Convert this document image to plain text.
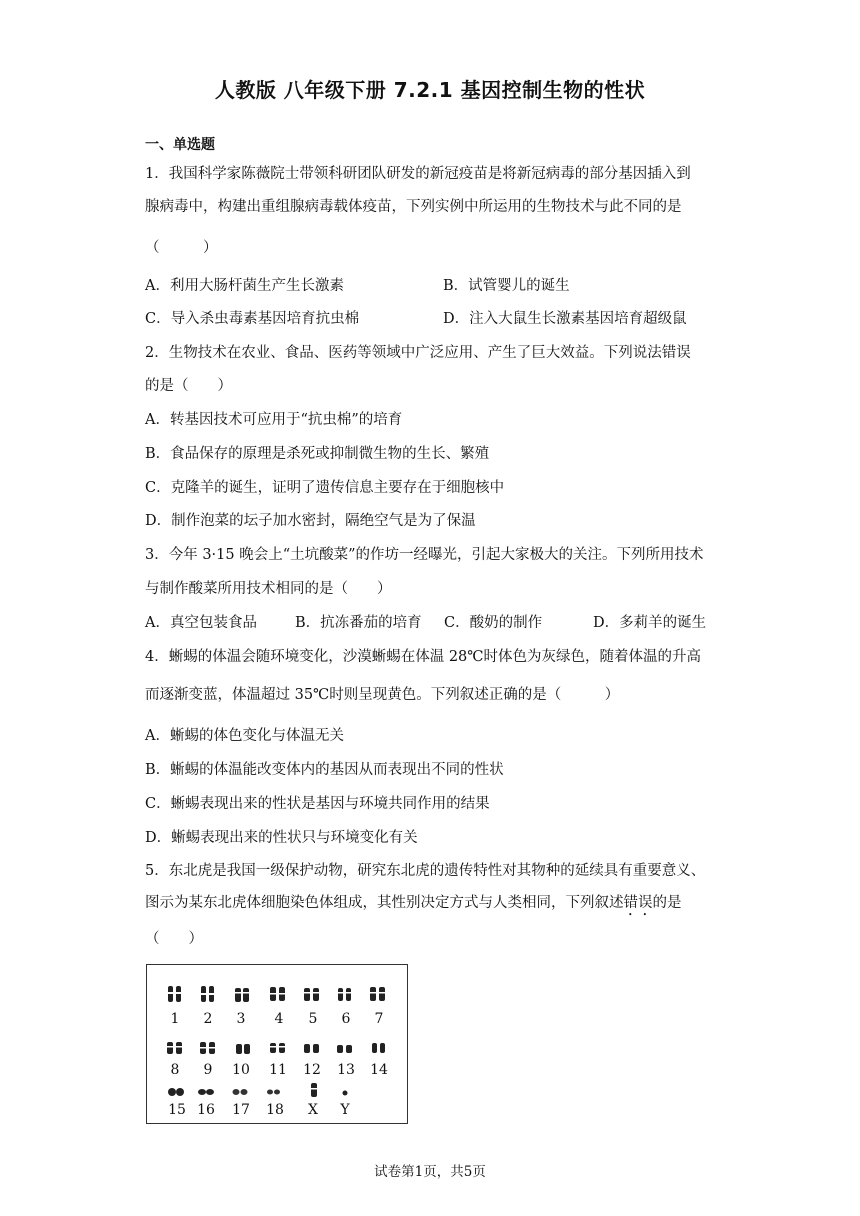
人教版 八年级下册 7.2.1 基因控制生物的性状
一、单选题
1．我国科学家陈薇院士带领科研团队研发的新冠疫苗是将新冠病毒的部分基因插入到
腺病毒中，构建出重组腺病毒载体疫苗，下列实例中所运用的生物技术与此不同的是
（　　　）
A．利用大肠杆菌生产生长激素	B．试管婴儿的诞生
C．导入杀虫毒素基因培育抗虫棉	D．注入大鼠生长激素基因培育超级鼠
2．生物技术在农业、食品、医药等领域中广泛应用、产生了巨大效益。下列说法错误
的是（　　）
A．转基因技术可应用于“抗虫棉”的培育
B．食品保存的原理是杀死或抑制微生物的生长、繁殖
C．克隆羊的诞生，证明了遗传信息主要存在于细胞核中
D．制作泡菜的坛子加水密封，隔绝空气是为了保温
3．今年 3·15 晚会上“土坑酸菜”的作坊一经曝光，引起大家极大的关注。下列所用技术
与制作酸菜所用技术相同的是（　　）
A．真空包装食品	B．抗冻番茄的培育 C．酸奶的制作	D．多莉羊的诞生
4．蜥蜴的体温会随环境变化，沙漠蜥蜴在体温 28℃时体色为灰绿色，随着体温的升高
而逐渐变蓝，体温超过 35℃时则呈现黄色。下列叙述正确的是（　　　）
A．蜥蜴的体色变化与体温无关
B．蜥蜴的体温能改变体内的基因从而表现出不同的性状
C．蜥蜴表现出来的性状是基因与环境共同作用的结果
D．蜥蜴表现出来的性状只与环境变化有关
5．东北虎是我国一级保护动物，研究东北虎的遗传特性对其物种的延续具有重要意义、
图示为某东北虎体细胞染色体组成，其性别决定方式与人类相同，下列叙述错误的是
（　　）
1	2	3	4	5	6	7
8	9	10 11 12 13 14
15 16 17 18	X	Y
试卷第1页，共5页
